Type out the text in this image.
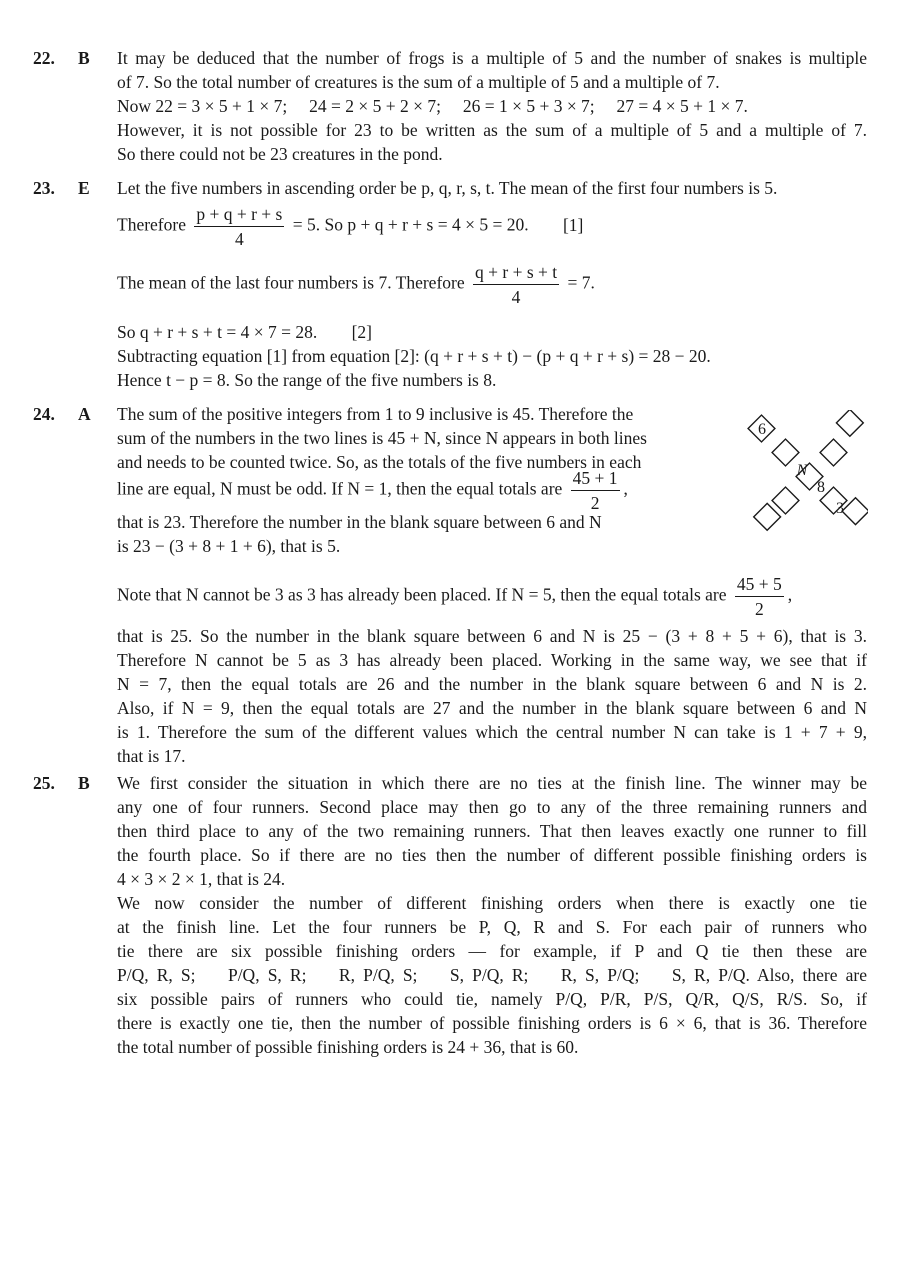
22. B It may be deduced that the number of frogs is a multiple of 5 and the number of snakes is multiple
of 7. So the total number of creatures is the sum of a multiple of 5 and a multiple of 7.
Now 22 = 3 × 5 + 1 × 7;     24 = 2 × 5 + 2 × 7;     26 = 1 × 5 + 3 × 7;     27 = 4 × 5 + 1 × 7.
However, it is not possible for 23 to be written as the sum of a multiple of 5 and a multiple of 7.
So there could not be 23 creatures in the pond.
23. E Let the five numbers in ascending order be p, q, r, s, t. The mean of the first four numbers is 5.
Therefore $\frac{p + q + r + s}{4} = 5$. So p + q + r + s = 4 × 5 = 20. [1]
The mean of the last four numbers is 7. Therefore $\frac{q + r + s + t}{4} = 7$.
So q + r + s + t = 4 × 7 = 28. [2]
Subtracting equation [1] from equation [2]: (q + r + s + t) − (p + q + r + s) = 28 − 20.
Hence t − p = 8. So the range of the five numbers is 8.
24. A The sum of the positive integers from 1 to 9 inclusive is 45. Therefore the
sum of the numbers in the two lines is 45 + N, since N appears in both lines
and needs to be counted twice. So, as the totals of the five numbers in each
line are equal, N must be odd. If N = 1, then the equal totals are $\frac{45 + 1}{2}$ ,
that is 23. Therefore the number in the blank square between 6 and N
is 23 − (3 + 8 + 1 + 6), that is 5.
Note that N cannot be 3 as 3 has already been placed. If N = 5, then the equal totals are $\frac{45 + 5}{2}$ ,
that is 25. So the number in the blank square between 6 and N is 25 − (3 + 8 + 5 + 6), that is 3.
Therefore N cannot be 5 as 3 has already been placed. Working in the same way, we see that if
N = 7, then the equal totals are 26 and the number in the blank square between 6 and N is 2.
Also, if N = 9, then the equal totals are 27 and the number in the blank square between 6 and N
is 1. Therefore the sum of the different values which the central number N can take is 1 + 7 + 9,
that is 17.
6
N
8
3
25. B We first consider the situation in which there are no ties at the finish line. The winner may be
any one of four runners. Second place may then go to any of the three remaining runners and
then third place to any of the two remaining runners. That then leaves exactly one runner to fill
the fourth place. So if there are no ties then the number of different possible finishing orders is
4 × 3 × 2 × 1, that is 24.
We now consider the number of different finishing orders when there is exactly one tie
at the finish line. Let the four runners be P, Q, R and S. For each pair of runners who
tie there are six possible finishing orders — for example, if P and Q tie then these are
P/Q, R, S;    P/Q, S, R;    R, P/Q, S;    S, P/Q, R;    R, S, P/Q;    S, R, P/Q. Also, there are
six possible pairs of runners who could tie, namely P/Q, P/R, P/S, Q/R, Q/S, R/S. So, if
there is exactly one tie, then the number of possible finishing orders is 6 × 6, that is 36. Therefore
the total number of possible finishing orders is 24 + 36, that is 60.
